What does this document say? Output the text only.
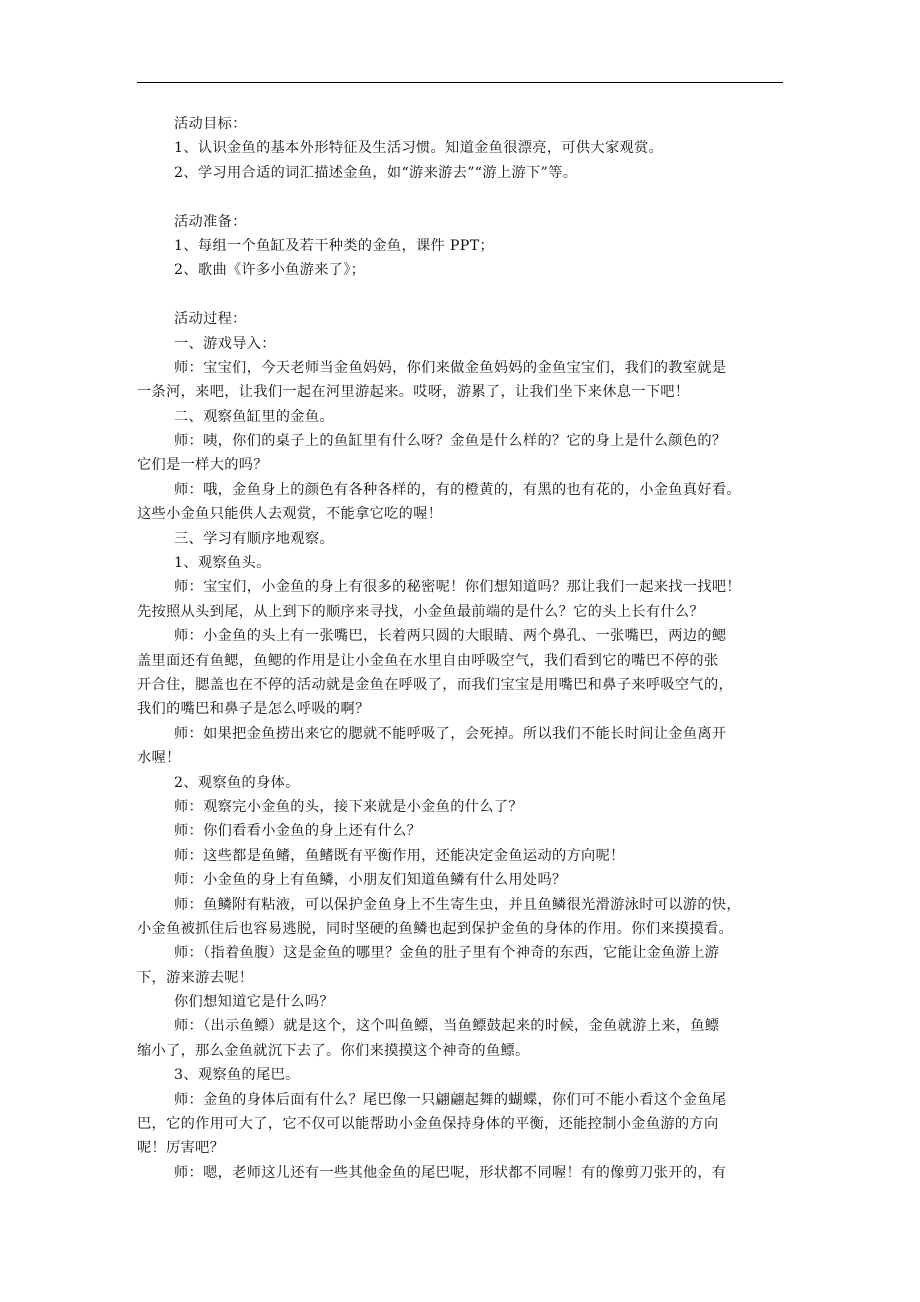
活动目标：
1、认识金鱼的基本外形特征及生活习惯。知道金鱼很漂亮，可供大家观赏。
2、学习用合适的词汇描述金鱼，如“游来游去”“游上游下”等。
活动准备：
1、每组一个鱼缸及若干种类的金鱼，课件 PPT；
2、歌曲《许多小鱼游来了》；
活动过程：
一、游戏导入：
师：宝宝们，今天老师当金鱼妈妈，你们来做金鱼妈妈的金鱼宝宝们，我们的教室就是
一条河，来吧，让我们一起在河里游起来。哎呀，游累了，让我们坐下来休息一下吧！
二、观察鱼缸里的金鱼。
师：咦，你们的桌子上的鱼缸里有什么呀？金鱼是什么样的？它的身上是什么颜色的？
它们是一样大的吗？
师：哦，金鱼身上的颜色有各种各样的，有的橙黄的，有黑的也有花的，小金鱼真好看。
这些小金鱼只能供人去观赏，不能拿它吃的喔！
三、学习有顺序地观察。
1、观察鱼头。
师：宝宝们，小金鱼的身上有很多的秘密呢！你们想知道吗？那让我们一起来找一找吧！
先按照从头到尾，从上到下的顺序来寻找，小金鱼最前端的是什么？它的头上长有什么？
师：小金鱼的头上有一张嘴巴，长着两只圆的大眼睛、两个鼻孔、一张嘴巴，两边的鳃
盖里面还有鱼鳃，鱼鳃的作用是让小金鱼在水里自由呼吸空气，我们看到它的嘴巴不停的张
开合住，腮盖也在不停的活动就是金鱼在呼吸了，而我们宝宝是用嘴巴和鼻子来呼吸空气的，
我们的嘴巴和鼻子是怎么呼吸的啊？
师：如果把金鱼捞出来它的腮就不能呼吸了，会死掉。所以我们不能长时间让金鱼离开
水喔！
2、观察鱼的身体。
师：观察完小金鱼的头，接下来就是小金鱼的什么了？
师：你们看看小金鱼的身上还有什么？
师：这些都是鱼鳍，鱼鳍既有平衡作用，还能决定金鱼运动的方向呢！
师：小金鱼的身上有鱼鳞，小朋友们知道鱼鳞有什么用处吗？
师：鱼鳞附有粘液，可以保护金鱼身上不生寄生虫，并且鱼鳞很光滑游泳时可以游的快，
小金鱼被抓住后也容易逃脱，同时坚硬的鱼鳞也起到保护金鱼的身体的作用。你们来摸摸看。
师：（指着鱼腹）这是金鱼的哪里？金鱼的肚子里有个神奇的东西，它能让金鱼游上游
下，游来游去呢！
你们想知道它是什么吗？
师：（出示鱼鳔）就是这个，这个叫鱼鳔，当鱼鳔鼓起来的时候，金鱼就游上来，鱼鳔
缩小了，那么金鱼就沉下去了。你们来摸摸这个神奇的鱼鳔。
3、观察鱼的尾巴。
师：金鱼的身体后面有什么？尾巴像一只翩翩起舞的蝴蝶，你们可不能小看这个金鱼尾
巴，它的作用可大了，它不仅可以能帮助小金鱼保持身体的平衡，还能控制小金鱼游的方向
呢！厉害吧？
师：嗯，老师这儿还有一些其他金鱼的尾巴呢，形状都不同喔！有的像剪刀张开的，有
